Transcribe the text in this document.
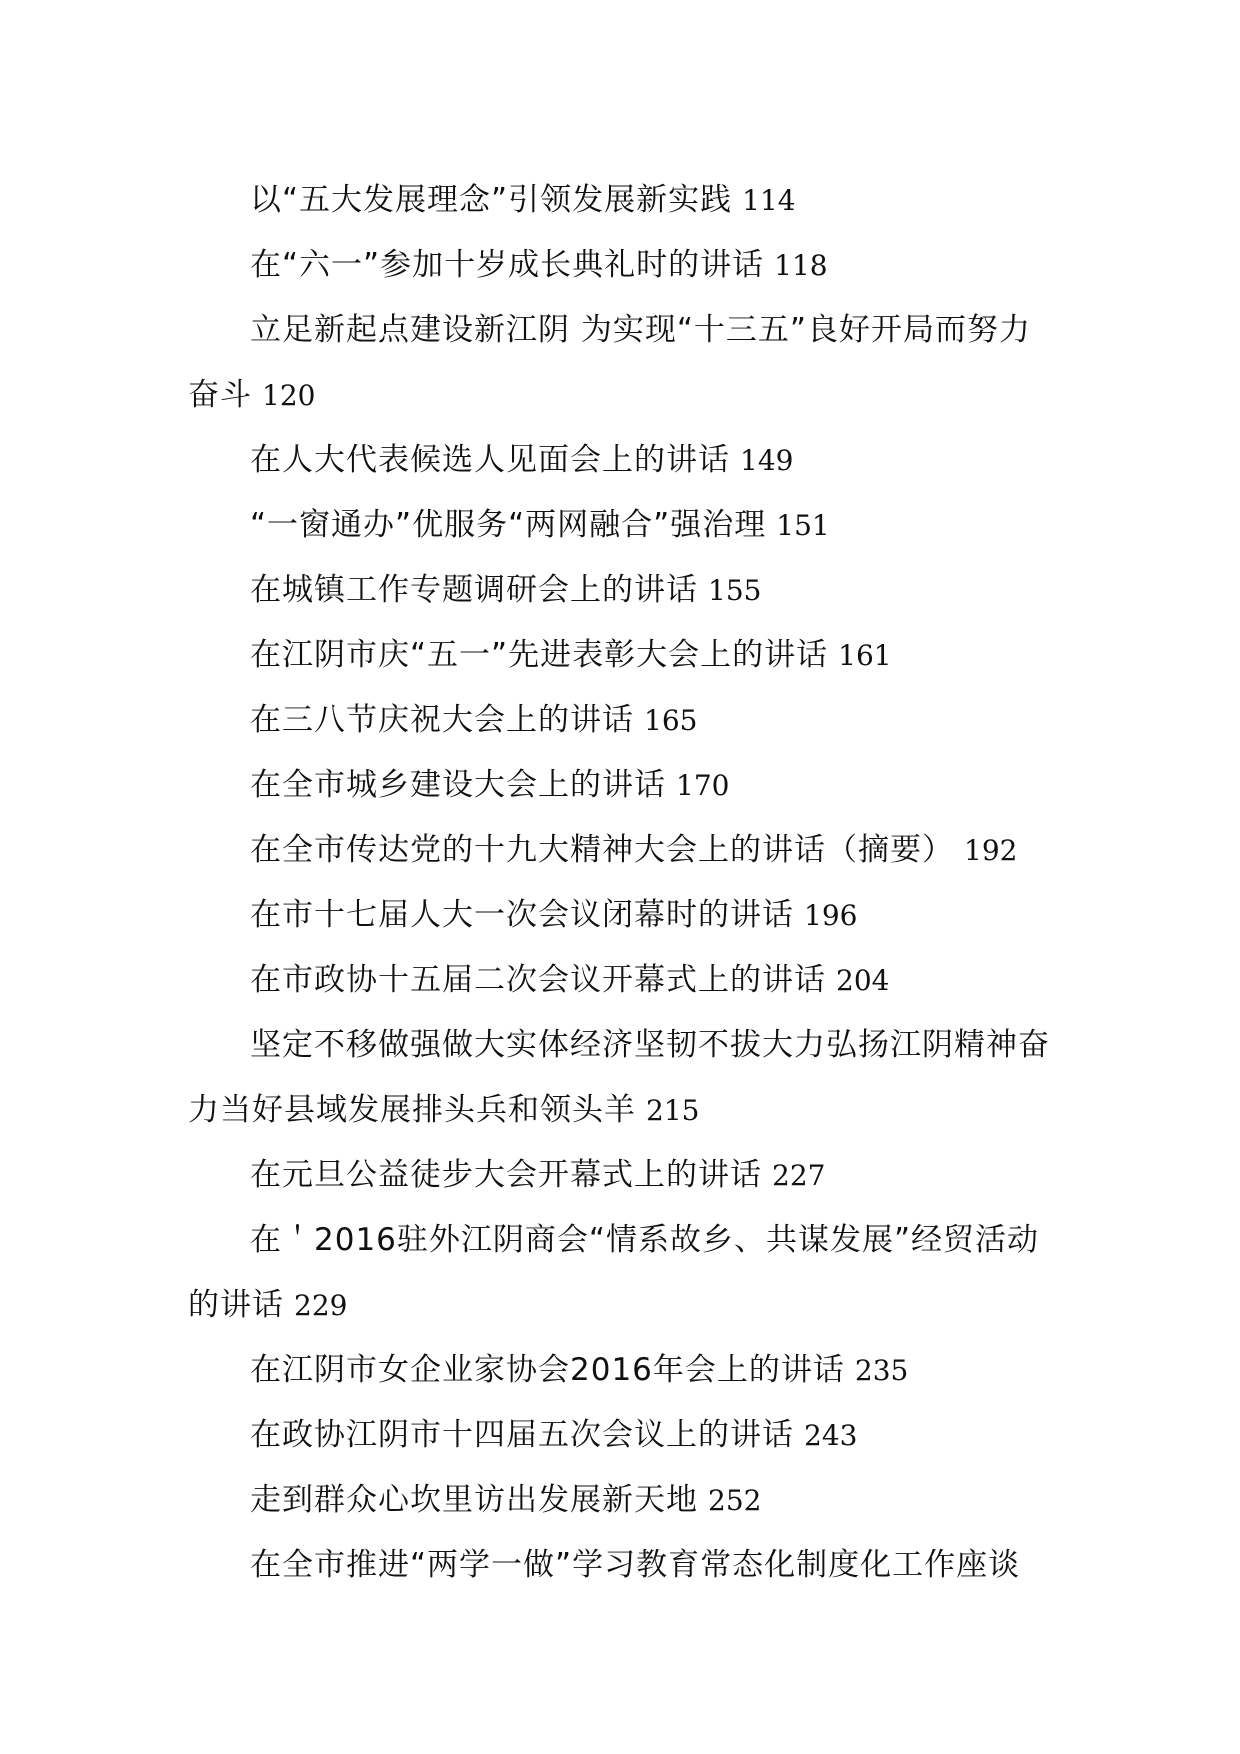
以“五大发展理念”引领发展新实践 114
在“六一”参加十岁成长典礼时的讲话 118
立足新起点建设新江阴 为实现“十三五”良好开局而努力奋斗 120
在人大代表候选人见面会上的讲话 149
“一窗通办”优服务“两网融合”强治理 151
在城镇工作专题调研会上的讲话 155
在江阴市庆“五一”先进表彰大会上的讲话 161
在三八节庆祝大会上的讲话 165
在全市城乡建设大会上的讲话 170
在全市传达党的十九大精神大会上的讲话（摘要） 192
在市十七届人大一次会议闭幕时的讲话 196
在市政协十五届二次会议开幕式上的讲话 204
坚定不移做强做大实体经济坚韧不拔大力弘扬江阴精神奋力当好县域发展排头兵和领头羊 215
在元旦公益徒步大会开幕式上的讲话 227
在＇2016驻外江阴商会“情系故乡、共谋发展”经贸活动的讲话 229
在江阴市女企业家协会2016年会上的讲话 235
在政协江阴市十四届五次会议上的讲话 243
走到群众心坎里访出发展新天地 252
在全市推进“两学一做”学习教育常态化制度化工作座谈
